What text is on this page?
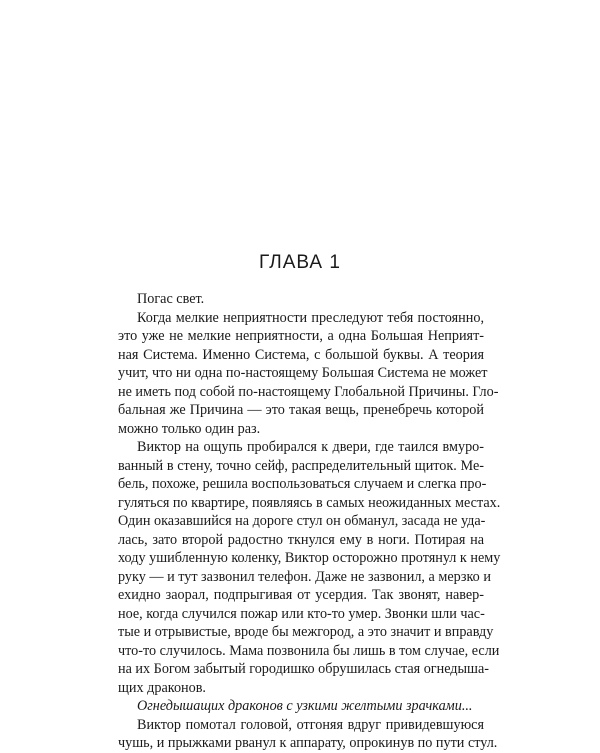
ГЛАВА 1
Погас свет.
Когда мелкие неприятности преследуют тебя постоянно,
это уже не мелкие неприятности, а одна Большая Неприят-
ная Система. Именно Система, с большой буквы. А теория
учит, что ни одна по-настоящему Большая Система не может
не иметь под собой по-настоящему Глобальной Причины. Гло-
бальная же Причина — это такая вещь, пренебречь которой
можно только один раз.
Виктор на ощупь пробирался к двери, где таился вмуро-
ванный в стену, точно сейф, распределительный щиток. Ме-
бель, похоже, решила воспользоваться случаем и слегка про-
гуляться по квартире, появляясь в самых неожиданных местах.
Один оказавшийся на дороге стул он обманул, засада не уда-
лась, зато второй радостно ткнулся ему в ноги. Потирая на
ходу ушибленную коленку, Виктор осторожно протянул к нему
руку — и тут зазвонил телефон. Даже не зазвонил, а мерзко и
ехидно заорал, подпрыгивая от усердия. Так звонят, навер-
ное, когда случился пожар или кто-то умер. Звонки шли час-
тые и отрывистые, вроде бы межгород, а это значит и вправду
что-то случилось. Мама позвонила бы лишь в том случае, если
на их Богом забытый городишко обрушилась стая огнедыша-
щих драконов.
Огнедышащих драконов с узкими желтыми зрачками...
Виктор помотал головой, отгоняя вдруг привидевшуюся
чушь, и прыжками рванул к аппарату, опрокинув по пути стул.
